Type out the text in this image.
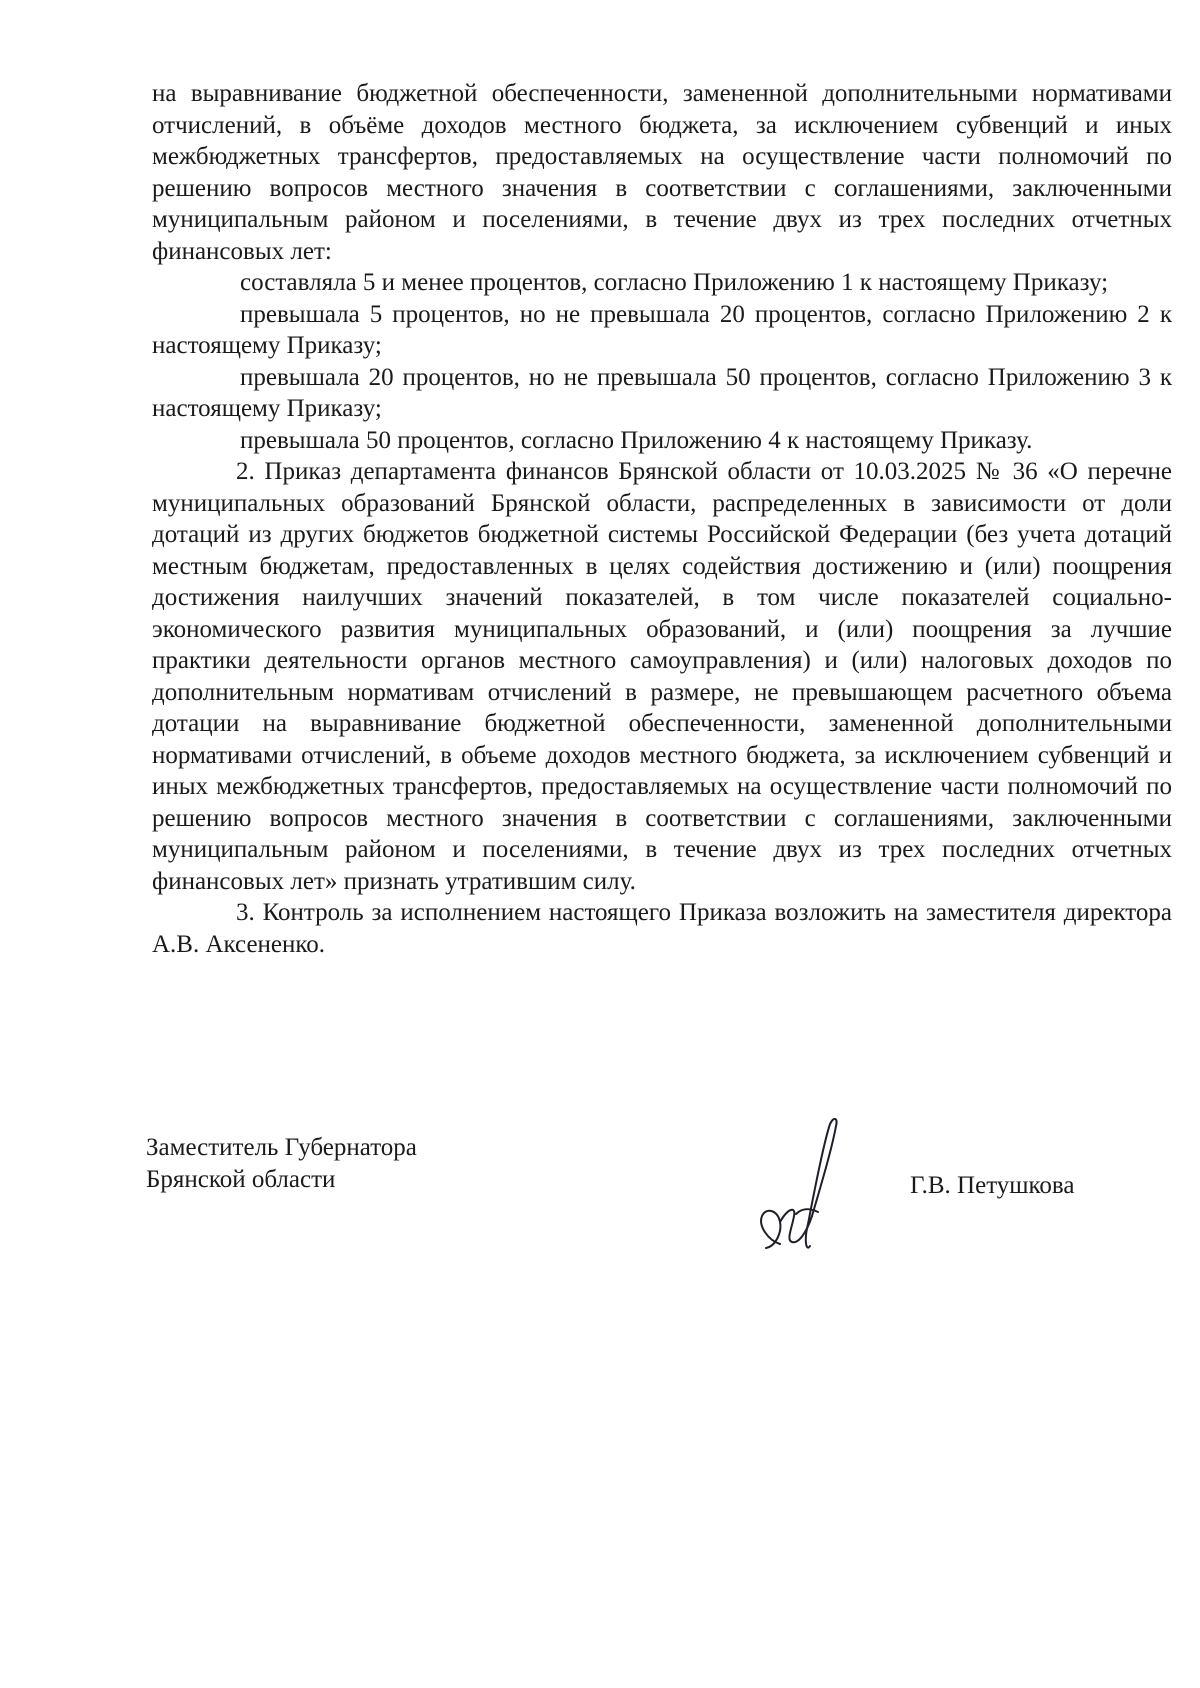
на выравнивание бюджетной обеспеченности, замененной дополнительными нормативами отчислений, в объёме доходов местного бюджета, за исключением субвенций и иных межбюджетных трансфертов, предоставляемых на осуществление части полномочий по решению вопросов местного значения в соответствии с соглашениями, заключенными муниципальным районом и поселениями, в течение двух из трех последних отчетных финансовых лет:

составляла 5 и менее процентов, согласно Приложению 1 к настоящему Приказу;

превышала 5 процентов, но не превышала 20 процентов, согласно Приложению 2 к настоящему Приказу;

превышала 20 процентов, но не превышала 50 процентов, согласно Приложению 3 к настоящему Приказу;

превышала 50 процентов, согласно Приложению 4 к настоящему Приказу.

2. Приказ департамента финансов Брянской области от 10.03.2025 № 36 «О перечне муниципальных образований Брянской области, распределенных в зависимости от доли дотаций из других бюджетов бюджетной системы Российской Федерации (без учета дотаций местным бюджетам, предоставленных в целях содействия достижению и (или) поощрения достижения наилучших значений показателей, в том числе показателей социально-экономического развития муниципальных образований, и (или) поощрения за лучшие практики деятельности органов местного самоуправления) и (или) налоговых доходов по дополнительным нормативам отчислений в размере, не превышающем расчетного объема дотации на выравнивание бюджетной обеспеченности, замененной дополнительными нормативами отчислений, в объеме доходов местного бюджета, за исключением субвенций и иных межбюджетных трансфертов, предоставляемых на осуществление части полномочий по решению вопросов местного значения в соответствии с соглашениями, заключенными муниципальным районом и поселениями, в течение двух из трех последних отчетных финансовых лет» признать утратившим силу.

3. Контроль за исполнением настоящего Приказа возложить на заместителя директора А.В. Аксененко.

Заместитель Губернатора
Брянской области	Г.В. Петушкова
